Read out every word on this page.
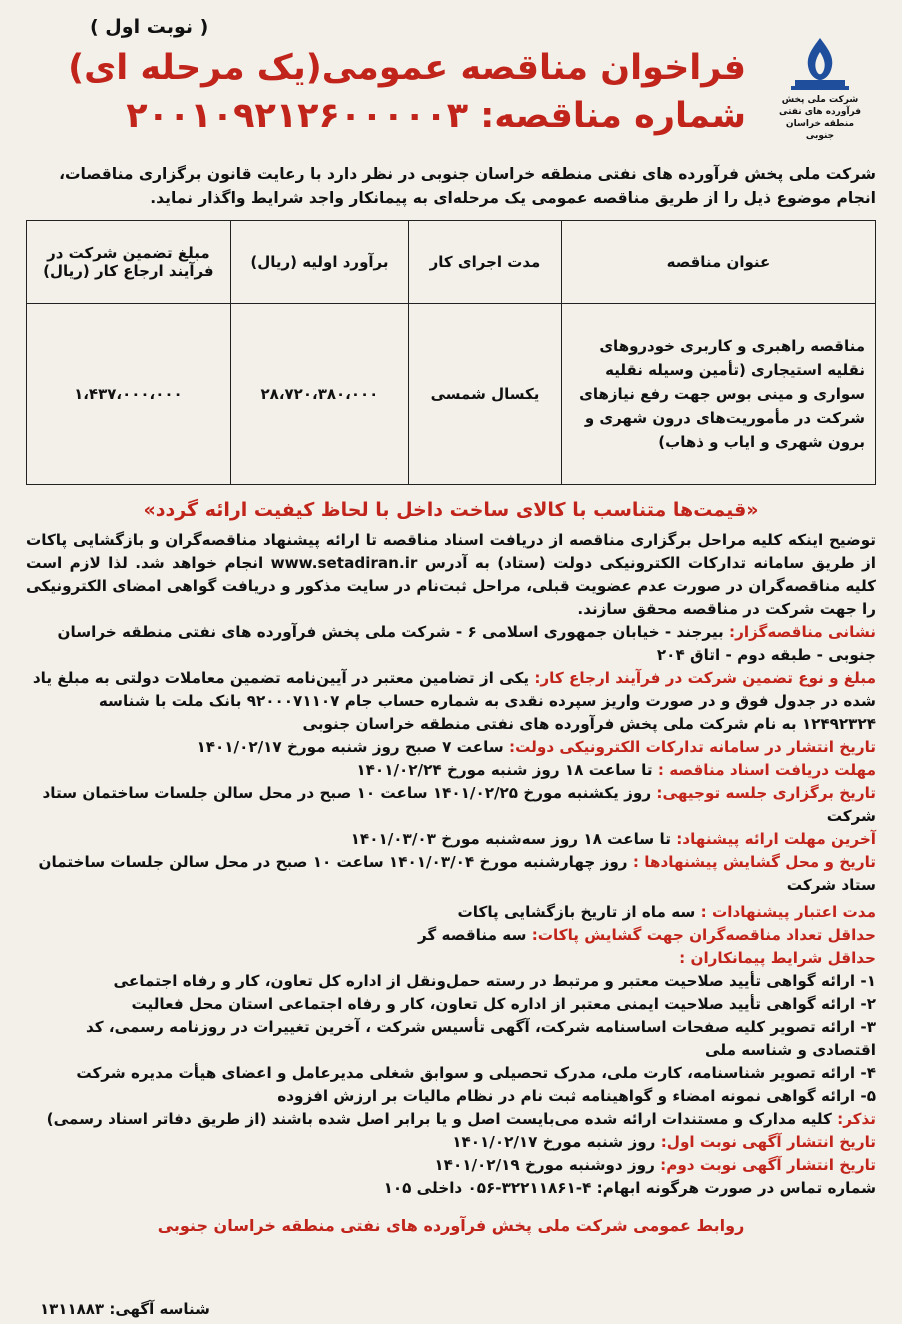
( نوبت اول )
شرکت ملی پخش فرآورده های نفتی منطقه خراسان جنوبی
فراخوان مناقصه عمومی(یک مرحله ای)
شماره مناقصه: ۲۰۰۱۰۹۲۱۲۶۰۰۰۰۰۳
شرکت ملی پخش فرآورده های نفتی منطقه خراسان جنوبی در نظر دارد با رعایت قانون برگزاری مناقصات، انجام موضوع ذیل را از طریق مناقصه عمومی یک مرحله‌ای به پیمانکار واجد شرایط واگذار نماید.
عنوان مناقصه	مدت اجرای کار	برآورد اولیه (ریال)	مبلغ تضمین شرکت در فرآیند ارجاع کار (ریال)
مناقصه راهبری و کاربری خودروهای نقلیه استیجاری (تأمین وسیله نقلیه سواری و مینی بوس جهت رفع نیازهای شرکت در مأموریت‌های درون شهری و برون شهری و ایاب و ذهاب)	یکسال شمسی	۲۸،۷۲۰،۳۸۰،۰۰۰	۱،۴۳۷،۰۰۰،۰۰۰
«قیمت‌ها متناسب با کالای ساخت داخل با لحاظ کیفیت ارائه گردد»
توضیح اینکه کلیه مراحل برگزاری مناقصه از دریافت اسناد مناقصه تا ارائه پیشنهاد مناقصه‌گران و بازگشایی پاکات از طریق سامانه تدارکات الکترونیکی دولت (ستاد) به آدرس www.setadiran.ir انجام خواهد شد. لذا لازم است کلیه مناقصه‌گران در صورت عدم عضویت قبلی، مراحل ثبت‌نام در سایت مذکور و دریافت گواهی امضای الکترونیکی را جهت شرکت در مناقصه محقق سازند.
نشانی مناقصه‌گزار: بیرجند - خیابان جمهوری اسلامی ۶ - شرکت ملی پخش فرآورده های نفتی منطقه خراسان جنوبی - طبقه دوم - اتاق ۲۰۴
مبلغ و نوع تضمین شرکت در فرآیند ارجاع کار: یکی از تضامین معتبر در آیین‌نامه تضمین معاملات دولتی به مبلغ یاد شده در جدول فوق و در صورت واریز سپرده نقدی به شماره حساب جام ۹۲۰۰۰۷۱۱۰۷ بانک ملت با شناسه ۱۲۴۹۲۳۲۴ به نام شرکت ملی پخش فرآورده های نفتی منطقه خراسان جنوبی
تاریخ انتشار در سامانه تدارکات الکترونیکی دولت: ساعت ۷ صبح روز شنبه مورخ ۱۴۰۱/۰۲/۱۷
مهلت دریافت اسناد مناقصه : تا ساعت ۱۸ روز شنبه مورخ ۱۴۰۱/۰۲/۲۴
تاریخ برگزاری جلسه توجیهی: روز یکشنبه مورخ ۱۴۰۱/۰۲/۲۵ ساعت ۱۰ صبح در محل سالن جلسات ساختمان ستاد شرکت
آخرین مهلت ارائه پیشنهاد: تا ساعت ۱۸ روز سه‌شنبه مورخ ۱۴۰۱/۰۳/۰۳
تاریخ و محل گشایش پیشنهادها : روز چهارشنبه مورخ ۱۴۰۱/۰۳/۰۴ ساعت ۱۰ صبح در محل سالن جلسات ساختمان ستاد شرکت
مدت اعتبار پیشنهادات : سه ماه از تاریخ بازگشایی پاکات
حداقل تعداد مناقصه‌گران جهت گشایش پاکات: سه مناقصه گر
حداقل شرایط پیمانکاران :
۱- ارائه گواهی تأیید صلاحیت معتبر و مرتبط در رسته حمل‌ونقل از اداره کل تعاون، کار و رفاه اجتماعی
۲- ارائه گواهی تأیید صلاحیت ایمنی معتبر از اداره کل تعاون، کار و رفاه اجتماعی استان محل فعالیت
۳- ارائه تصویر کلیه صفحات اساسنامه شرکت، آگهی تأسیس شرکت ، آخرین تغییرات در روزنامه رسمی، کد اقتصادی و شناسه ملی
۴- ارائه تصویر شناسنامه، کارت ملی، مدرک تحصیلی و سوابق شغلی مدیرعامل و اعضای هیأت مدیره شرکت
۵- ارائه گواهی نمونه امضاء و گواهینامه ثبت نام در نظام مالیات بر ارزش افزوده
تذکر: کلیه مدارک و مستندات ارائه شده می‌بایست اصل و یا برابر اصل شده باشند (از طریق دفاتر اسناد رسمی)
تاریخ انتشار آگهی نوبت اول: روز شنبه مورخ ۱۴۰۱/۰۲/۱۷
تاریخ انتشار آگهی نوبت دوم: روز دوشنبه مورخ ۱۴۰۱/۰۲/۱۹
شماره تماس در صورت هرگونه ابهام: ۴-۳۲۲۱۱۸۶۱-۰۵۶ داخلی ۱۰۵
روابط عمومی شرکت ملی پخش فرآورده های نفتی منطقه خراسان جنوبی
شناسه آگهی: ۱۳۱۱۸۸۳
